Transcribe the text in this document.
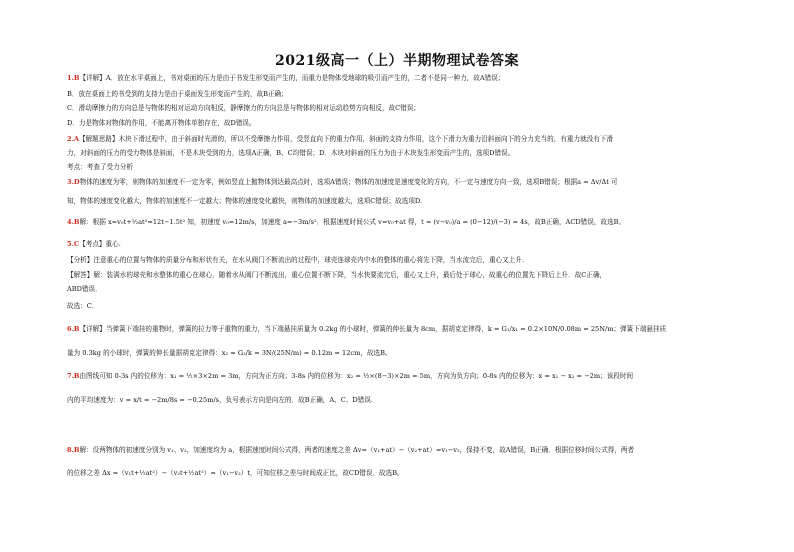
2021级高一（上）半期物理试卷答案
1.B【详解】A．放在水平桌面上，书对桌面的压力是由于书发生形变而产生的，而重力是物体受地球的吸引而产生的，二者不是同一种力，故A错误；
B．放在桌面上的书受到的支持力是由于桌面发生形变而产生的，故B正确；
C．滑动摩擦力的方向总是与物体的相对运动方向相反，静摩擦力的方向总是与物体的相对运动趋势方向相反，故C错误；
D．力是物体对物体的作用，不能离开物体单独存在，故D错误。
2.A【解题思路】木块下滑过程中，由于斜面时光滑的，所以不受摩擦力作用，受竖直向下的重力作用，斜面的支持力作用，这个下滑力为重力沿斜面向下的分力充当的，有重力就没有下滑
力，对斜面的压力的受力物体是斜面，不是木块受到的力，选项A正确，B、C均错误；D．木块对斜面的压力为由于木块发生形变而产生的，选项D错误。
考点：考查了受力分析
3.D物体的速度为零，则物体的加速度不一定为零，例如竖直上抛物体到达最高点时，选项A错误；物体的加速度是速度变化的方向，不一定与速度方向一致，选项B错误；根据a = Δv/Δt 可
知，物体的速度变化越大，物体的加速度不一定越大；物体的速度变化越快，则物体的加速度越大，选项C错误；故选项D.
4.B解：根据 x=v₀t+½at²=12t−1.5t² 知，初速度 v₀=12m/s，加速度 a=−3m/s²．根据速度时间公式 v=v₀+at 得，t = (v−v₀)/a = (0−12)/(−3) = 4s，故B正确，ACD错误，故选B。
5.C【考点】重心.
【分析】注意重心的位置与物体的质量分布和形状有关，在水从阀门不断流出的过程中，球壳连球壳内中水的整体的重心将先下降，当水流完后，重心又上升.
【解答】解：装满水的球壳和水整体的重心在球心，随着水从阀门不断流出，重心位置不断下降，当水快要流完后，重心又上升，最后处于球心，故重心的位置先下降后上升．故C正确，
ABD错误．
故选：C．
6.B【详解】当弹簧下端挂的重物时，弹簧的拉力等于重物的重力，当下端悬挂质量为 0.2kg 的小球时，弹簧的伸长量为 8cm，据胡克定律得，k = G₁/x₁ = 0.2×10N/0.08m = 25N/m；弹簧下端悬挂质
量为 0.3kg 的小球时，弹簧的伸长量据胡克定律得：x₂ = G₂/k = 3N/(25N/m) = 0.12m = 12cm，故选B。
7.B由图线可知 0-3s 内的位移为：x₁ = ½×3×2m = 3m，方向为正方向；3-8s 内的位移为：x₂ = ½×(8−3)×2m = 5m，方向为负方向；0-8s 内的位移为：x = x₁ − x₂ = −2m；该段时间
内的平均速度为：v = x/t = −2m/8s = −0.25m/s，负号表示方向是向左的．故B正确，A、C、D错误.
8.B解：设两物体的初速度分别为 v₁、v₂，加速度均为 a，根据速度时间公式得，两者的速度之差 Δv=（v₁+at）−（v₂+at）=v₁−v₂，保持不变，故A错误，B正确．根据位移时间公式得，两者
的位移之差 Δx =（v₁t+½at²）−（v₂t+½at²）=（v₁−v₂）t，可知位移之差与时间成正比，故CD错误．故选B。
